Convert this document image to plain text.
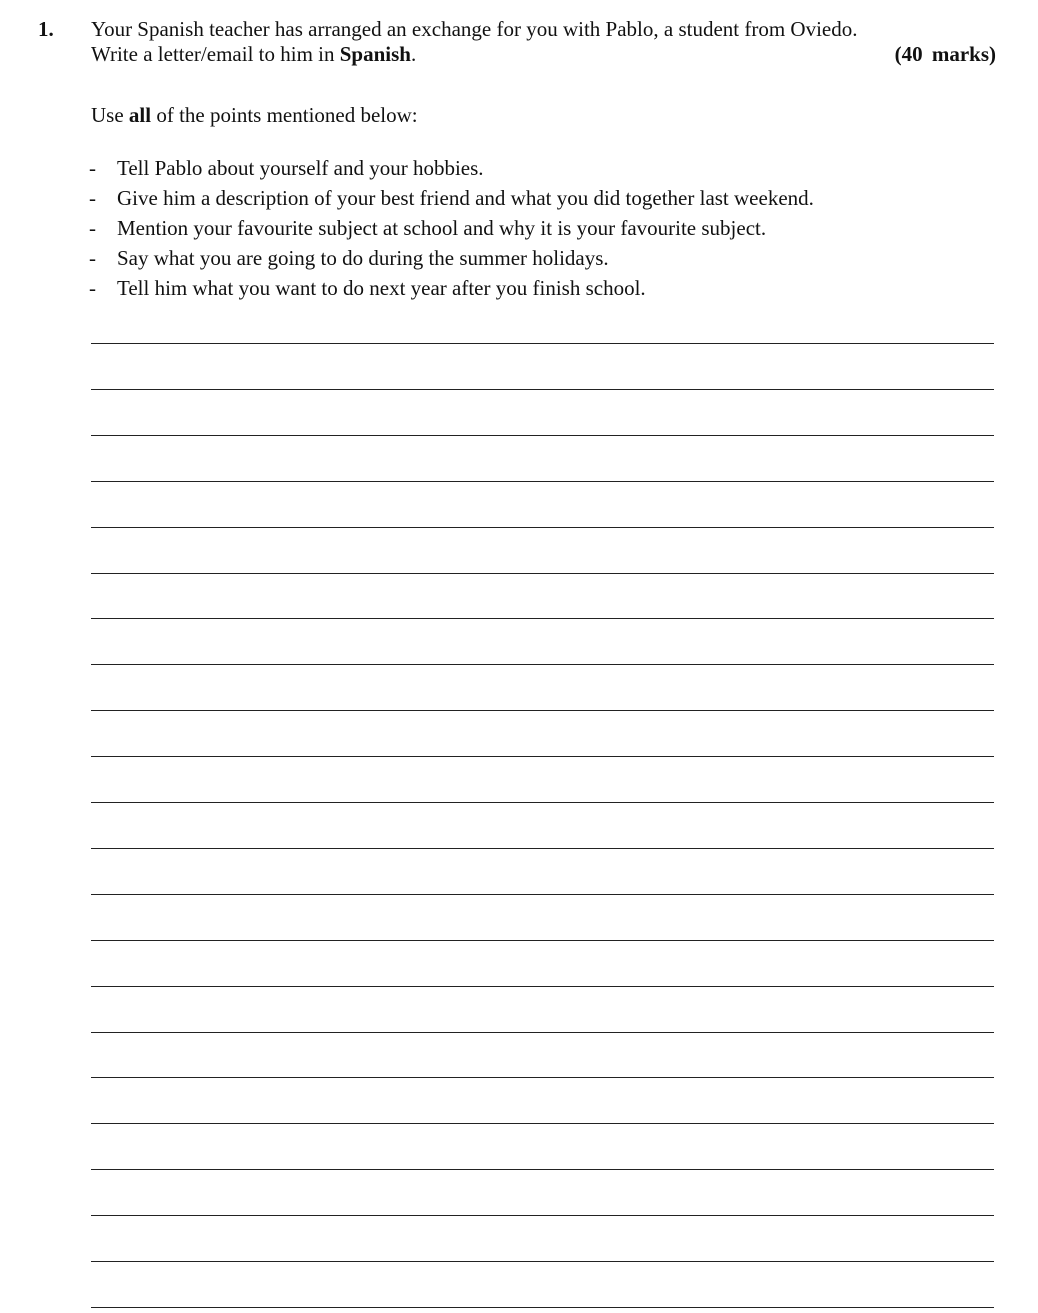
1. Your Spanish teacher has arranged an exchange for you with Pablo, a student from Oviedo.
Write a letter/email to him in Spanish.	(40 marks)
Use all of the points mentioned below:
- Tell Pablo about yourself and your hobbies.
- Give him a description of your best friend and what you did together last weekend.
- Mention your favourite subject at school and why it is your favourite subject.
- Say what you are going to do during the summer holidays.
- Tell him what you want to do next year after you finish school.
